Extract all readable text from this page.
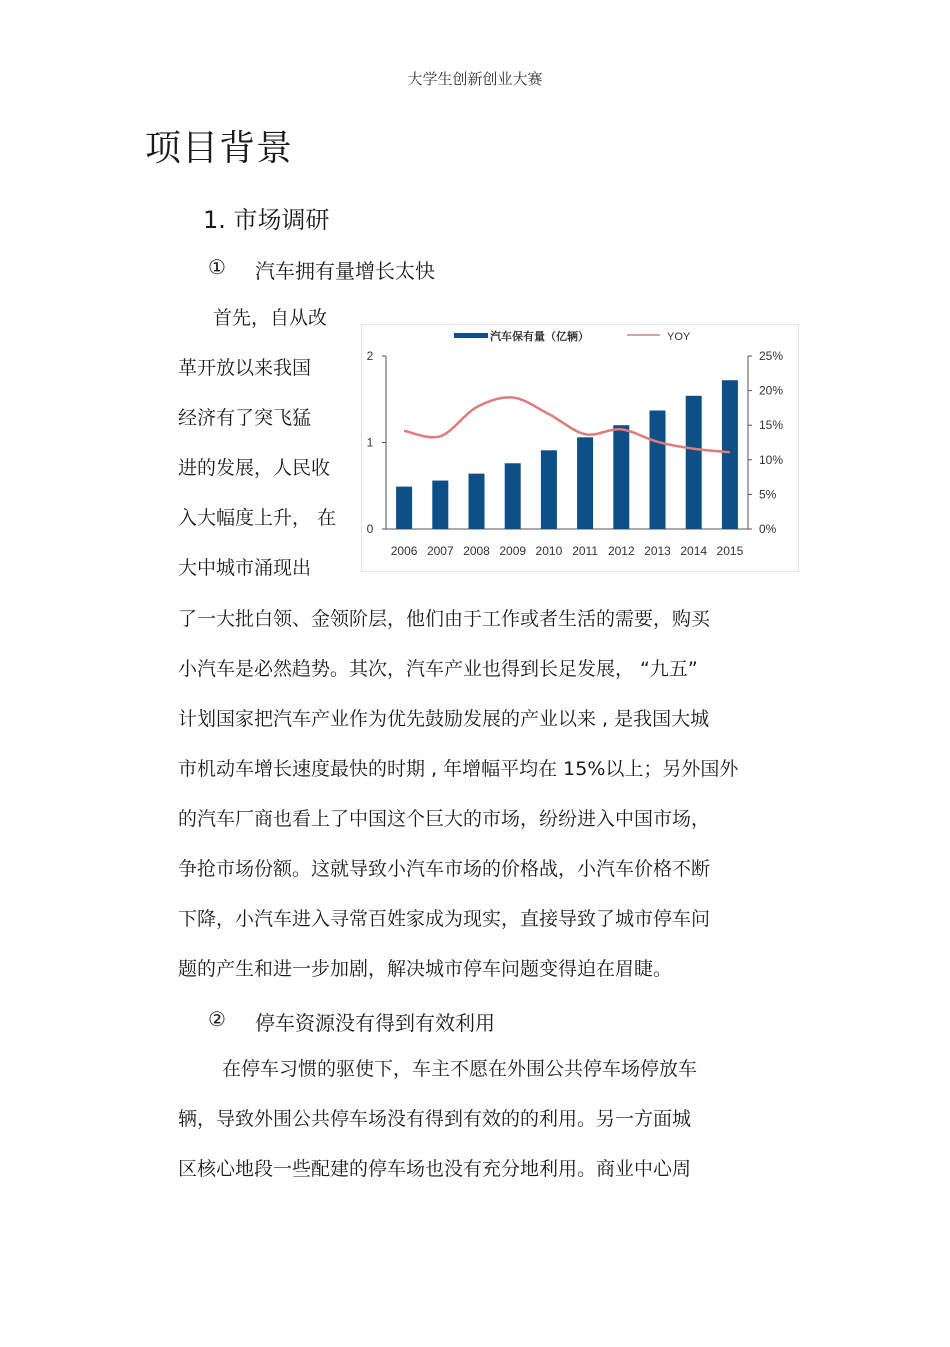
大学生创新创业大赛
项目背景
1. 市场调研
① 汽车拥有量增长太快
首先，自从改
革开放以来我国
经济有了突飞猛
进的发展，人民收
入大幅度上升， 在
大中城市涌现出
0
1
2
0%
5%
10%
15%
20%
25%
2006 2007 2008 2009 2010 2011 2012 2013 2014 2015
汽车保有量（亿辆）	YOY
了一大批白领、金领阶层，他们由于工作或者生活的需要，购买
小汽车是必然趋势。其次，汽车产业也得到长足发展， “九五”
计划国家把汽车产业作为优先鼓励发展的产业以来 , 是我国大城
市机动车增长速度最快的时期 , 年增幅平均在 15%以上；另外国外
的汽车厂商也看上了中国这个巨大的市场，纷纷进入中国市场，
争抢市场份额。这就导致小汽车市场的价格战，小汽车价格不断
下降，小汽车进入寻常百姓家成为现实，直接导致了城市停车问
题的产生和进一步加剧，解决城市停车问题变得迫在眉睫。
② 停车资源没有得到有效利用
在停车习惯的驱使下，车主不愿在外围公共停车场停放车
辆，导致外围公共停车场没有得到有效的的利用。另一方面城
区核心地段一些配建的停车场也没有充分地利用。商业中心周
